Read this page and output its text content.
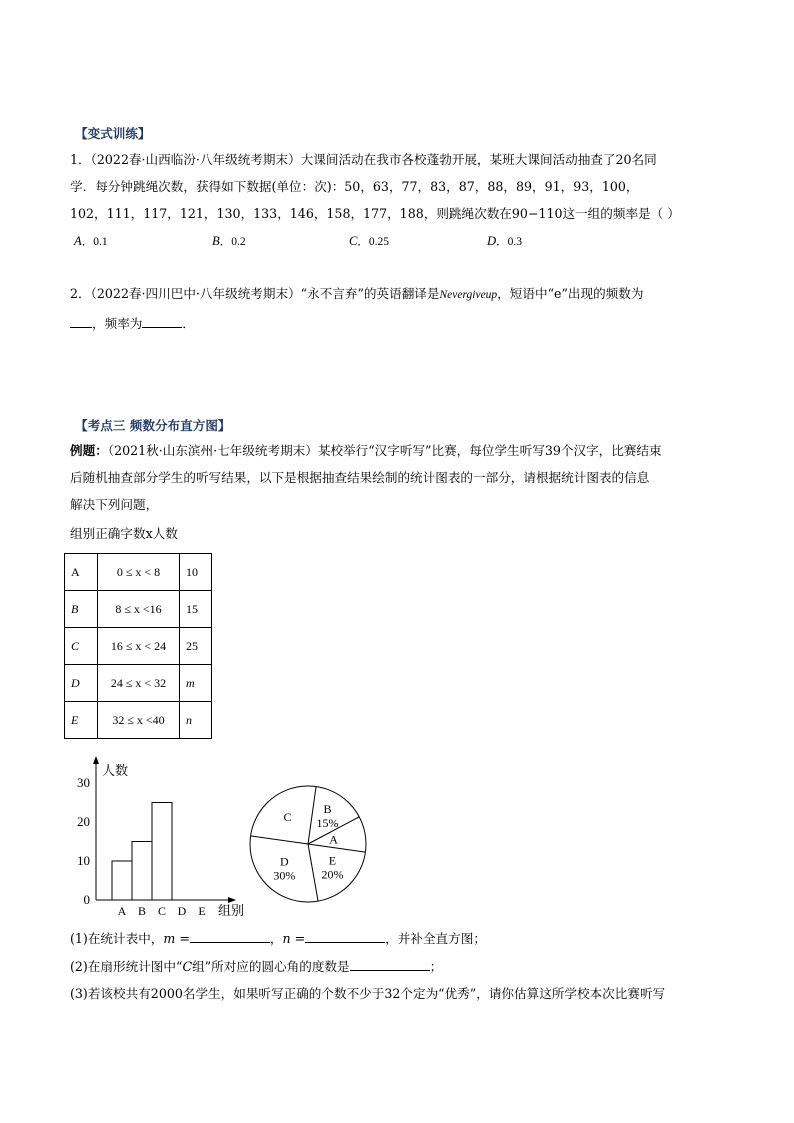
【变式训练】
1．（2022春·山西临汾·八年级统考期末）大课间活动在我市各校蓬勃开展，某班大课间活动抽查了20名同
学．每分钟跳绳次数，获得如下数据(单位：次)：50，63，77，83，87，88，89，91，93，100，
102，111，117，121，130，133，146，158，177，188，则跳绳次数在90−110这一组的频率是（ ）
A．0.1	B．0.2	C．0.25	D．0.3
2．（2022春·四川巴中·八年级统考期末）“永不言弃”的英语翻译是Nevergiveup，短语中“e”出现的频数为
，频率为	．
【考点三 频数分布直方图】
例题：（2021秋·山东滨州·七年级统考期末）某校举行“汉字听写”比赛，每位学生听写39个汉字，比赛结束
后随机抽查部分学生的听写结果，以下是根据抽查结果绘制的统计图表的一部分，请根据统计图表的信息
解决下列问题，
组别正确字数x人数
A	0 ≤ x < 8	10
B	8 ≤ x <16	15
C	16 ≤ x < 24	25
D	24 ≤ x < 32	m
E	32 ≤ x <40	n
人数
组别
0
10
20
30
A B C D E
B
15%
A
E
20%
D
30%
C
(1)在统计表中，m =	，n =	，并补全直方图；
(2)在扇形统计图中“C组”所对应的圆心角的度数是	；
(3)若该校共有2000名学生，如果听写正确的个数不少于32个定为“优秀”，请你估算这所学校本次比赛听写
